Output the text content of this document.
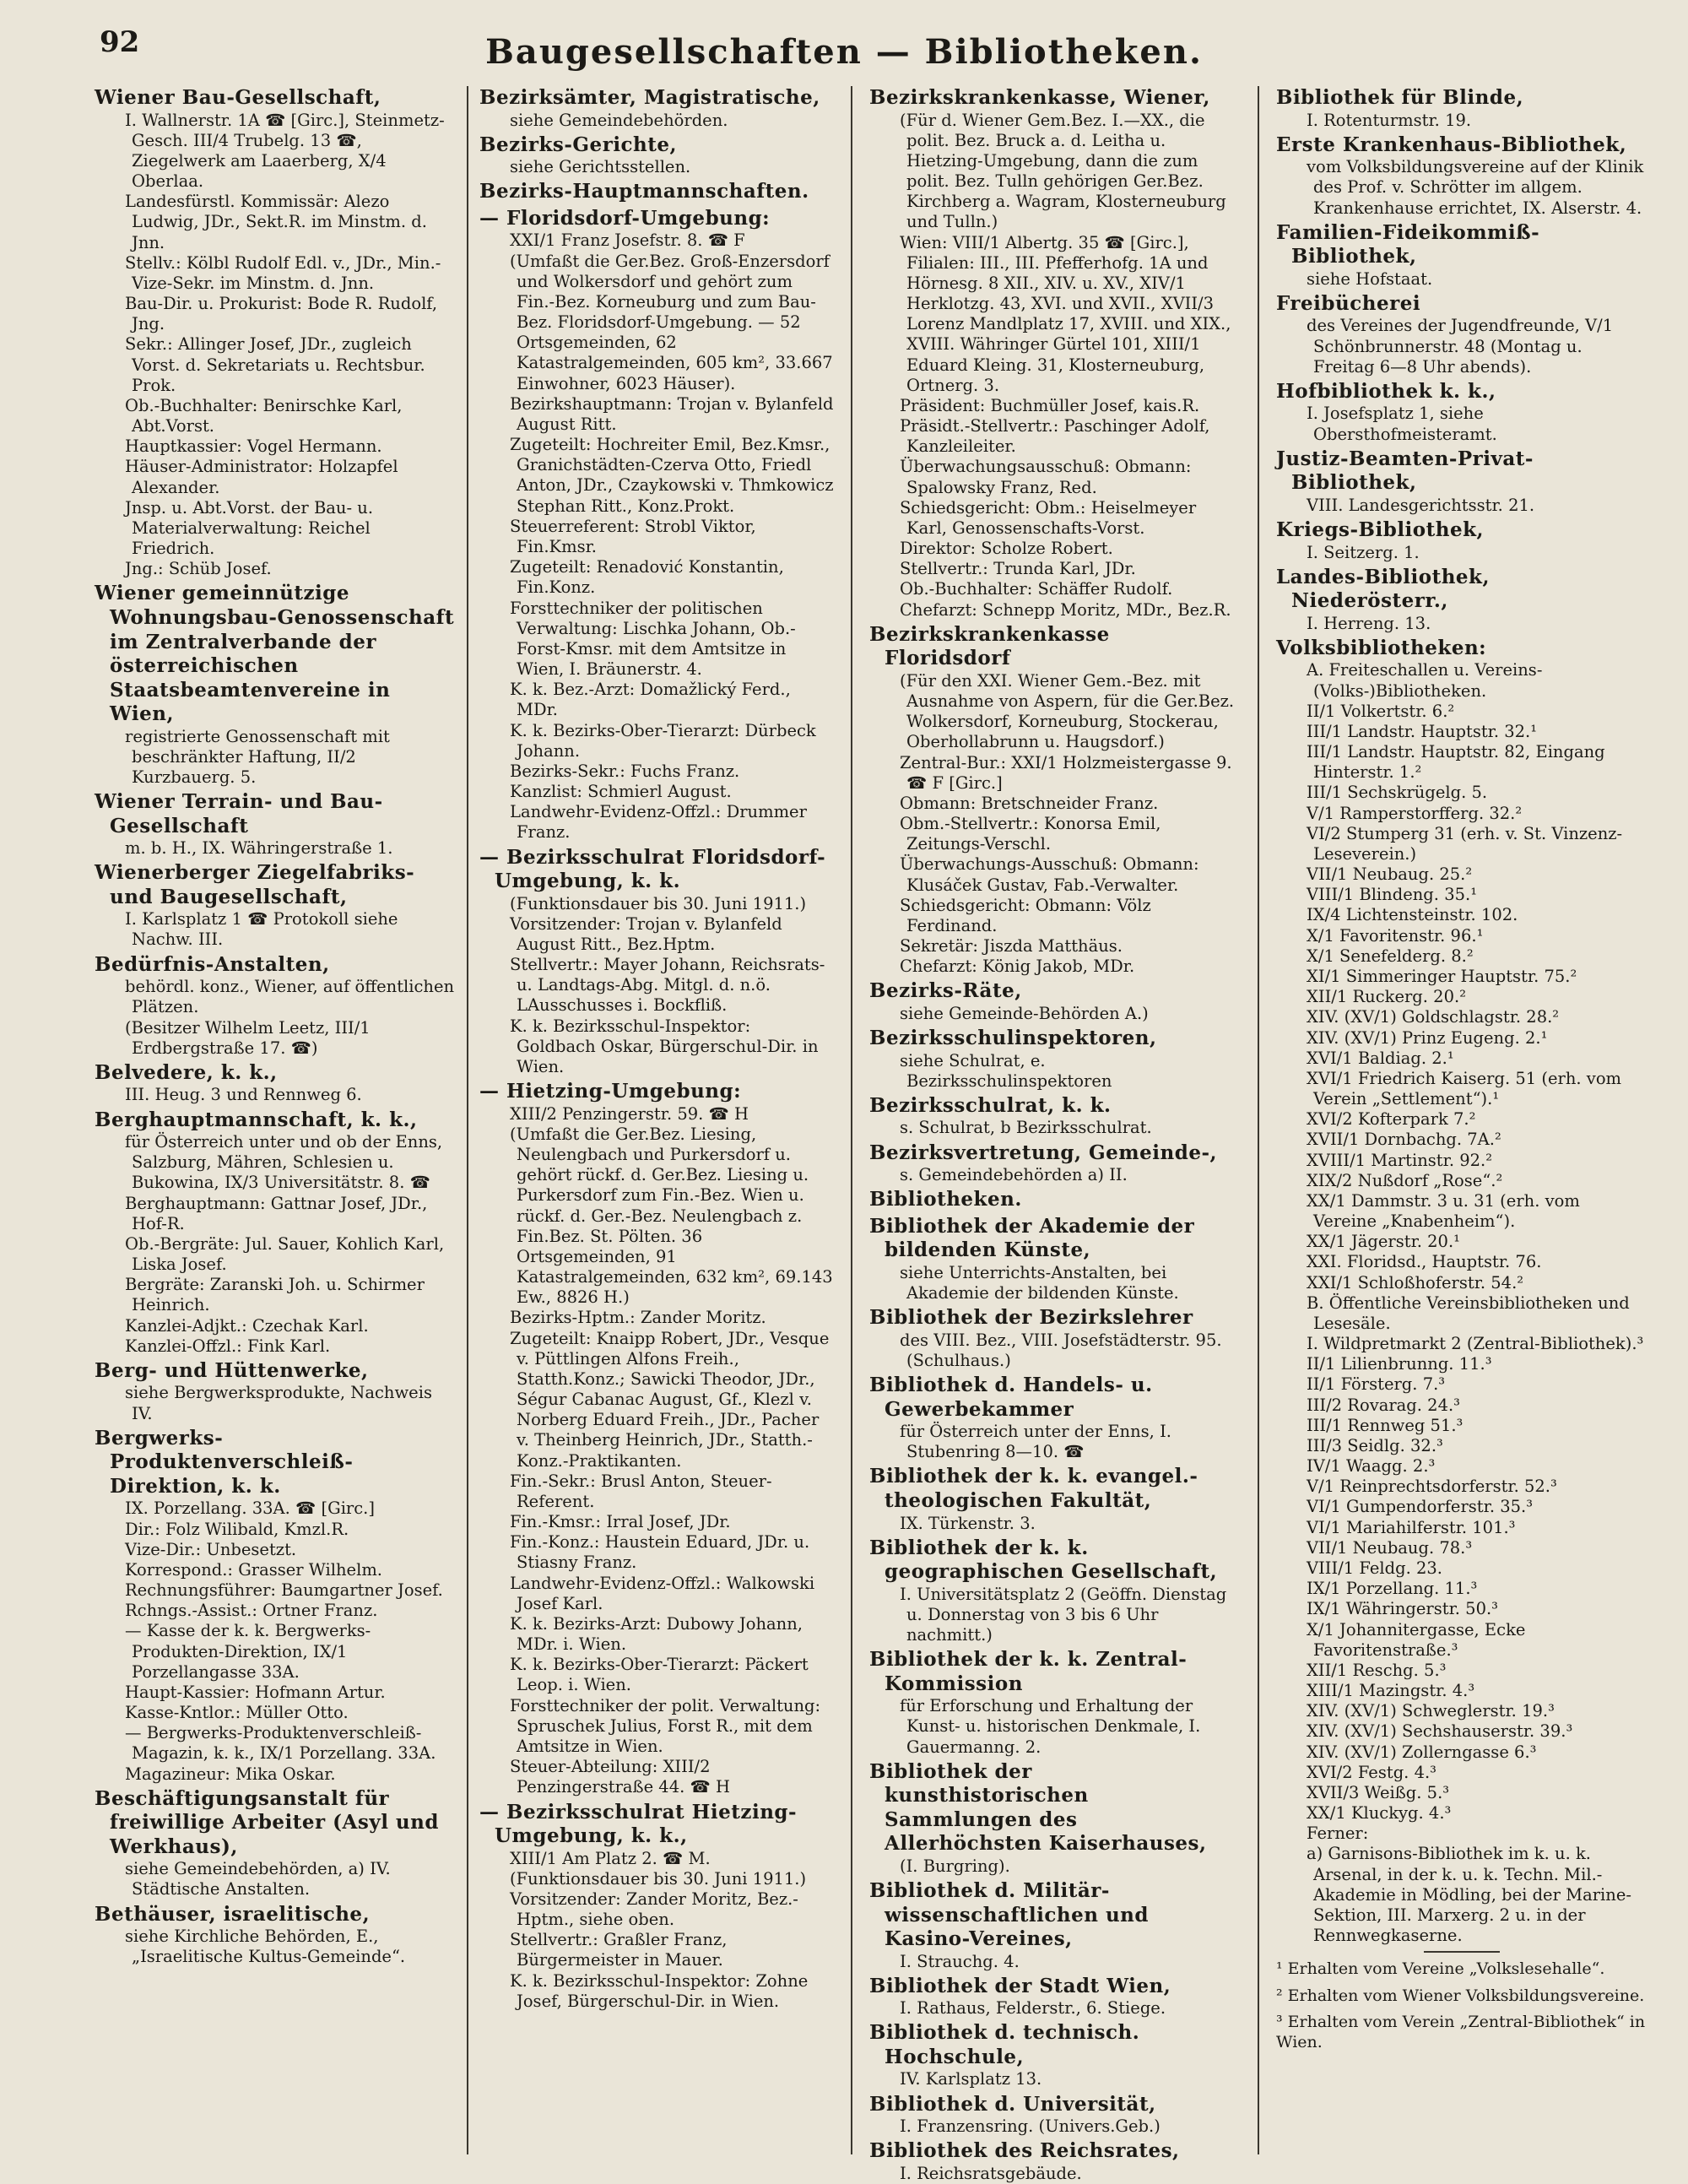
92	Baugesellschaften — Bibliotheken.
Wiener Bau-Gesellschaft,
I. Wallnerstr. 1A ☎ [Girc.], Steinmetz-Gesch. III/4 Trubelg. 13 ☎, Ziegelwerk am Laaerberg, X/4 Oberlaa.
Landesfürstl. Kommissär: Alezo Ludwig, JDr., Sekt.R. im Minstm. d. Jnn.
Stellv.: Kölbl Rudolf Edl. v., JDr., Min.-Vize-Sekr. im Minstm. d. Jnn.
Bau-Dir. u. Prokurist: Bode R. Rudolf, Jng.
Sekr.: Allinger Josef, JDr., zugleich Vorst. d. Sekretariats u. Rechtsbur. Prok.
Ob.-Buchhalter: Benirschke Karl, Abt.Vorst.
Hauptkassier: Vogel Hermann.
Häuser-Administrator: Holzapfel Alexander.
Jnsp. u. Abt.Vorst. der Bau- u. Materialverwaltung: Reichel Friedrich.
Jng.: Schüb Josef.
Wiener gemeinnützige Wohnungsbau-Genossenschaft im Zentralverbande der österreichischen Staatsbeamtenvereine in Wien,
registrierte Genossenschaft mit beschränkter Haftung, II/2 Kurzbauerg. 5.
Wiener Terrain- und Bau-Gesellschaft
m. b. H., IX. Währingerstraße 1.
Wienerberger Ziegelfabriks- und Baugesellschaft,
I. Karlsplatz 1 ☎ Protokoll siehe Nachw. III.
Bedürfnis-Anstalten,
behördl. konz., Wiener, auf öffentlichen Plätzen.
(Besitzer Wilhelm Leetz, III/1 Erdbergstraße 17. ☎)
Belvedere, k. k.,
III. Heug. 3 und Rennweg 6.
Berghauptmannschaft, k. k.,
für Österreich unter und ob der Enns, Salzburg, Mähren, Schlesien u. Bukowina, IX/3 Universitätstr. 8. ☎
Berghauptmann: Gattnar Josef, JDr., Hof-R.
Ob.-Bergräte: Jul. Sauer, Kohlich Karl, Liska Josef.
Bergräte: Zaranski Joh. u. Schirmer Heinrich.
Kanzlei-Adjkt.: Czechak Karl.
Kanzlei-Offzl.: Fink Karl.
Berg- und Hüttenwerke,
siehe Bergwerksprodukte, Nachweis IV.
Bergwerks-Produktenverschleiß-Direktion, k. k.
IX. Porzellang. 33A. ☎ [Girc.]
Dir.: Folz Wilibald, Kmzl.R.
Vize-Dir.: Unbesetzt.
Korrespond.: Grasser Wilhelm.
Rechnungsführer: Baumgartner Josef.
Rchngs.-Assist.: Ortner Franz.
— Kasse der k. k. Bergwerks-Produkten-Direktion, IX/1 Porzellangasse 33A.
Haupt-Kassier: Hofmann Artur.
Kasse-Kntlor.: Müller Otto.
— Bergwerks-Produktenverschleiß-Magazin, k. k., IX/1 Porzellang. 33A.
Magazineur: Mika Oskar.
Beschäftigungsanstalt für freiwillige Arbeiter (Asyl und Werkhaus),
siehe Gemeindebehörden, a) IV. Städtische Anstalten.
Bethäuser, israelitische,
siehe Kirchliche Behörden, E., „Israelitische Kultus-Gemeinde“.
Bezirksämter, Magistratische,
siehe Gemeindebehörden.
Bezirks-Gerichte,
siehe Gerichtsstellen.
Bezirks-Hauptmannschaften.
— Floridsdorf-Umgebung:
XXI/1 Franz Josefstr. 8. ☎ F
(Umfaßt die Ger.Bez. Groß-Enzersdorf und Wolkersdorf und gehört zum Fin.-Bez. Korneuburg und zum Bau-Bez. Floridsdorf-Umgebung. — 52 Ortsgemeinden, 62 Katastralgemeinden, 605 km², 33.667 Einwohner, 6023 Häuser).
Bezirkshauptmann: Trojan v. Bylanfeld August Ritt.
Zugeteilt: Hochreiter Emil, Bez.Kmsr., Granichstädten-Czerva Otto, Friedl Anton, JDr., Czaykowski v. Thmkowicz Stephan Ritt., Konz.Prokt.
Steuerreferent: Strobl Viktor, Fin.Kmsr.
Zugeteilt: Renadović Konstantin, Fin.Konz.
Forsttechniker der politischen Verwaltung: Lischka Johann, Ob.-Forst-Kmsr. mit dem Amtsitze in Wien, I. Bräunerstr. 4.
K. k. Bez.-Arzt: Domažlický Ferd., MDr.
K. k. Bezirks-Ober-Tierarzt: Dürbeck Johann.
Bezirks-Sekr.: Fuchs Franz.
Kanzlist: Schmierl August.
Landwehr-Evidenz-Offzl.: Drummer Franz.
— Bezirksschulrat Floridsdorf-Umgebung, k. k.
(Funktionsdauer bis 30. Juni 1911.)
Vorsitzender: Trojan v. Bylanfeld August Ritt., Bez.Hptm.
Stellvertr.: Mayer Johann, Reichsrats- u. Landtags-Abg. Mitgl. d. n.ö. LAusschusses i. Bockfliß.
K. k. Bezirksschul-Inspektor: Goldbach Oskar, Bürgerschul-Dir. in Wien.
— Hietzing-Umgebung:
XIII/2 Penzingerstr. 59. ☎ H
(Umfaßt die Ger.Bez. Liesing, Neulengbach und Purkersdorf u. gehört rückf. d. Ger.Bez. Liesing u. Purkersdorf zum Fin.-Bez. Wien u. rückf. d. Ger.-Bez. Neulengbach z. Fin.Bez. St. Pölten. 36 Ortsgemeinden, 91 Katastralgemeinden, 632 km², 69.143 Ew., 8826 H.)
Bezirks-Hptm.: Zander Moritz.
Zugeteilt: Knaipp Robert, JDr., Vesque v. Püttlingen Alfons Freih., Statth.Konz.; Sawicki Theodor, JDr., Ségur Cabanac August, Gf., Klezl v. Norberg Eduard Freih., JDr., Pacher v. Theinberg Heinrich, JDr., Statth.-Konz.-Praktikanten.
Fin.-Sekr.: Brusl Anton, Steuer-Referent.
Fin.-Kmsr.: Irral Josef, JDr.
Fin.-Konz.: Haustein Eduard, JDr. u. Stiasny Franz.
Landwehr-Evidenz-Offzl.: Walkowski Josef Karl.
K. k. Bezirks-Arzt: Dubowy Johann, MDr. i. Wien.
K. k. Bezirks-Ober-Tierarzt: Päckert Leop. i. Wien.
Forsttechniker der polit. Verwaltung: Spruschek Julius, Forst R., mit dem Amtsitze in Wien.
Steuer-Abteilung: XIII/2 Penzingerstraße 44. ☎ H
— Bezirksschulrat Hietzing-Umgebung, k. k.,
XIII/1 Am Platz 2. ☎ M.
(Funktionsdauer bis 30. Juni 1911.)
Vorsitzender: Zander Moritz, Bez.-Hptm., siehe oben.
Stellvertr.: Graßler Franz, Bürgermeister in Mauer.
K. k. Bezirksschul-Inspektor: Zohne Josef, Bürgerschul-Dir. in Wien.
Bezirkskrankenkasse, Wiener,
(Für d. Wiener Gem.Bez. I.—XX., die polit. Bez. Bruck a. d. Leitha u. Hietzing-Umgebung, dann die zum polit. Bez. Tulln gehörigen Ger.Bez. Kirchberg a. Wagram, Klosterneuburg und Tulln.)
Wien: VIII/1 Albertg. 35 ☎ [Girc.], Filialen: III., III. Pfefferhofg. 1A und Hörnesg. 8 XII., XIV. u. XV., XIV/1 Herklotzg. 43, XVI. und XVII., XVII/3 Lorenz Mandlplatz 17, XVIII. und XIX., XVIII. Währinger Gürtel 101, XIII/1 Eduard Kleing. 31, Klosterneuburg, Ortnerg. 3.
Präsident: Buchmüller Josef, kais.R.
Präsidt.-Stellvertr.: Paschinger Adolf, Kanzleileiter.
Überwachungsausschuß: Obmann: Spalowsky Franz, Red.
Schiedsgericht: Obm.: Heiselmeyer Karl, Genossenschafts-Vorst.
Direktor: Scholze Robert.
Stellvertr.: Trunda Karl, JDr.
Ob.-Buchhalter: Schäffer Rudolf.
Chefarzt: Schnepp Moritz, MDr., Bez.R.
Bezirkskrankenkasse Floridsdorf
(Für den XXI. Wiener Gem.-Bez. mit Ausnahme von Aspern, für die Ger.Bez. Wolkersdorf, Korneuburg, Stockerau, Oberhollabrunn u. Haugsdorf.)
Zentral-Bur.: XXI/1 Holzmeistergasse 9. ☎ F [Girc.]
Obmann: Bretschneider Franz.
Obm.-Stellvertr.: Konorsa Emil, Zeitungs-Verschl.
Überwachungs-Ausschuß: Obmann: Klusáček Gustav, Fab.-Verwalter.
Schiedsgericht: Obmann: Völz Ferdinand.
Sekretär: Jiszda Matthäus.
Chefarzt: König Jakob, MDr.
Bezirks-Räte,
siehe Gemeinde-Behörden A.)
Bezirksschulinspektoren,
siehe Schulrat, e. Bezirksschulinspektoren
Bezirksschulrat, k. k.
s. Schulrat, b Bezirksschulrat.
Bezirksvertretung, Gemeinde-,
s. Gemeindebehörden a) II.
Bibliotheken.
Bibliothek der Akademie der bildenden Künste,
siehe Unterrichts-Anstalten, bei Akademie der bildenden Künste.
Bibliothek der Bezirkslehrer
des VIII. Bez., VIII. Josefstädterstr. 95. (Schulhaus.)
Bibliothek d. Handels- u. Gewerbekammer
für Österreich unter der Enns, I. Stubenring 8—10. ☎
Bibliothek der k. k. evangel.-theologischen Fakultät,
IX. Türkenstr. 3.
Bibliothek der k. k. geographischen Gesellschaft,
I. Universitätsplatz 2 (Geöffn. Dienstag u. Donnerstag von 3 bis 6 Uhr nachmitt.)
Bibliothek der k. k. Zentral-Kommission
für Erforschung und Erhaltung der Kunst- u. historischen Denkmale, I. Gauermanng. 2.
Bibliothek der kunsthistorischen Sammlungen des Allerhöchsten Kaiserhauses,
(I. Burgring).
Bibliothek d. Militär-wissenschaftlichen und Kasino-Vereines,
I. Strauchg. 4.
Bibliothek der Stadt Wien,
I. Rathaus, Felderstr., 6. Stiege.
Bibliothek d. technisch. Hochschule,
IV. Karlsplatz 13.
Bibliothek d. Universität,
I. Franzensring. (Univers.Geb.)
Bibliothek des Reichsrates,
I. Reichsratsgebäude.
Bibliothek für Blinde,
I. Rotenturmstr. 19.
Erste Krankenhaus-Bibliothek,
vom Volksbildungsvereine auf der Klinik des Prof. v. Schrötter im allgem. Krankenhause errichtet, IX. Alserstr. 4.
Familien-Fideikommiß-Bibliothek,
siehe Hofstaat.
Freibücherei
des Vereines der Jugendfreunde, V/1 Schönbrunnerstr. 48 (Montag u. Freitag 6—8 Uhr abends).
Hofbibliothek k. k.,
I. Josefsplatz 1, siehe Obersthofmeisteramt.
Justiz-Beamten-Privat-Bibliothek,
VIII. Landesgerichtsstr. 21.
Kriegs-Bibliothek,
I. Seitzerg. 1.
Landes-Bibliothek, Niederösterr.,
I. Herreng. 13.
Volksbibliotheken:
A. Freiteschallen u. Vereins-(Volks-)Bibliotheken.
II/1 Volkertstr. 6.²
III/1 Landstr. Hauptstr. 32.¹
III/1 Landstr. Hauptstr. 82, Eingang Hinterstr. 1.²
III/1 Sechskrügelg. 5.
V/1 Ramperstorfferg. 32.²
VI/2 Stumperg 31 (erh. v. St. Vinzenz-Leseverein.)
VII/1 Neubaug. 25.²
VIII/1 Blindeng. 35.¹
IX/4 Lichtensteinstr. 102.
X/1 Favoritenstr. 96.¹
X/1 Senefelderg. 8.²
XI/1 Simmeringer Hauptstr. 75.²
XII/1 Ruckerg. 20.²
XIV. (XV/1) Goldschlagstr. 28.²
XIV. (XV/1) Prinz Eugeng. 2.¹
XVI/1 Baldiag. 2.¹
XVI/1 Friedrich Kaiserg. 51 (erh. vom Verein „Settlement“).¹
XVI/2 Kofterpark 7.²
XVII/1 Dornbachg. 7A.²
XVIII/1 Martinstr. 92.²
XIX/2 Nußdorf „Rose“.²
XX/1 Dammstr. 3 u. 31 (erh. vom Vereine „Knabenheim“).
XX/1 Jägerstr. 20.¹
XXI. Floridsd., Hauptstr. 76.
XXI/1 Schloßhoferstr. 54.²
B. Öffentliche Vereinsbibliotheken und Lesesäle.
I. Wildpretmarkt 2 (Zentral-Bibliothek).³
II/1 Lilienbrunng. 11.³
II/1 Försterg. 7.³
III/2 Rovarag. 24.³
III/1 Rennweg 51.³
III/3 Seidlg. 32.³
IV/1 Waagg. 2.³
V/1 Reinprechtsdorferstr. 52.³
VI/1 Gumpendorferstr. 35.³
VI/1 Mariahilferstr. 101.³
VII/1 Neubaug. 78.³
VIII/1 Feldg. 23.
IX/1 Porzellang. 11.³
IX/1 Währingerstr. 50.³
X/1 Johannitergasse, Ecke Favoritenstraße.³
XII/1 Reschg. 5.³
XIII/1 Mazingstr. 4.³
XIV. (XV/1) Schweglerstr. 19.³
XIV. (XV/1) Sechshauserstr. 39.³
XIV. (XV/1) Zollerngasse 6.³
XVI/2 Festg. 4.³
XVII/3 Weißg. 5.³
XX/1 Kluckyg. 4.³
Ferner:
a) Garnisons-Bibliothek im k. u. k. Arsenal, in der k. u. k. Techn. Mil.-Akademie in Mödling, bei der Marine-Sektion, III. Marxerg. 2 u. in der Rennwegkaserne.
¹ Erhalten vom Vereine „Volkslesehalle“.
² Erhalten vom Wiener Volksbildungsvereine.
³ Erhalten vom Verein „Zentral-Bibliothek“ in Wien.
